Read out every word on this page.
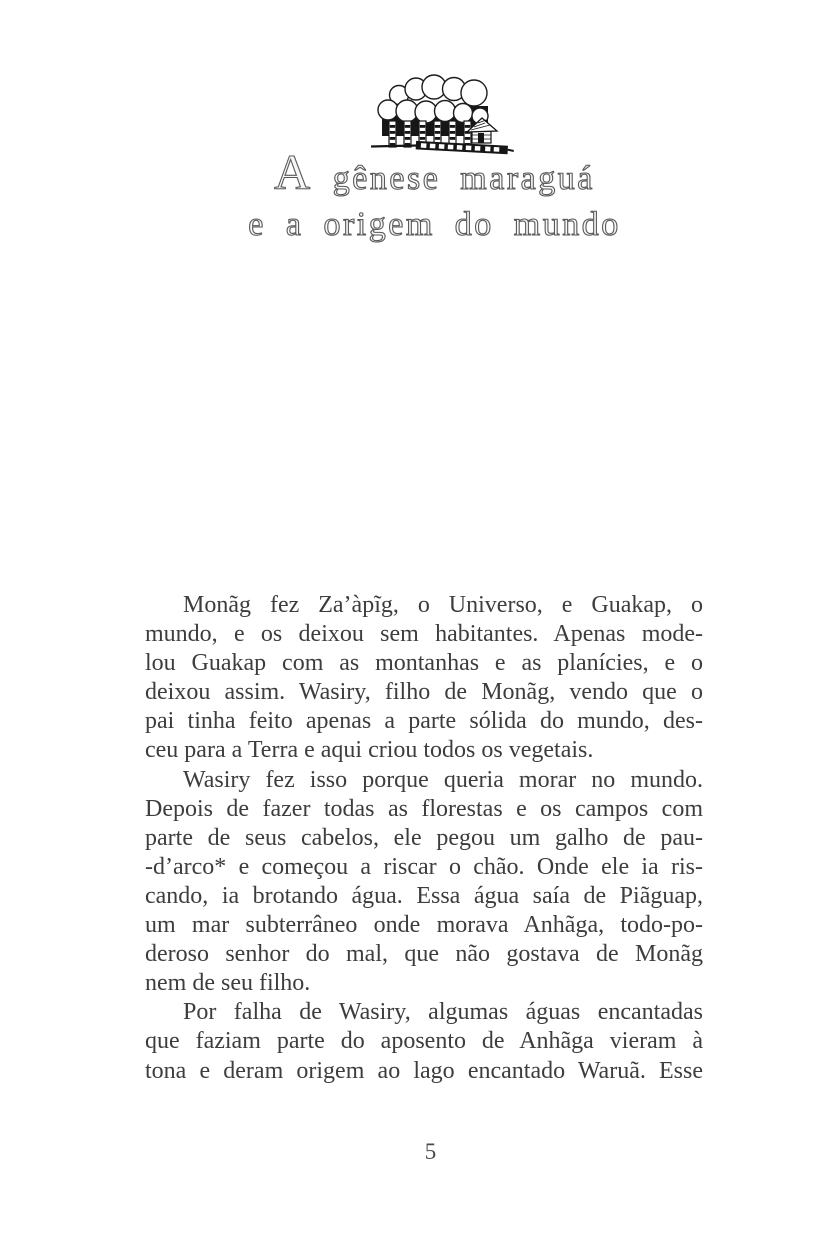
A gênese maraguá
e a origem do mundo
Monãg fez Za’àpĩg, o Universo, e Guakap, o
mundo, e os deixou sem habitantes. Apenas mode-
lou Guakap com as montanhas e as planícies, e o
deixou assim. Wasiry, filho de Monãg, vendo que o
pai tinha feito apenas a parte sólida do mundo, des-
ceu para a Terra e aqui criou todos os vegetais.
Wasiry fez isso porque queria morar no mundo.
Depois de fazer todas as florestas e os campos com
parte de seus cabelos, ele pegou um galho de pau-
-d’arco* e começou a riscar o chão. Onde ele ia ris-
cando, ia brotando água. Essa água saía de Piãguap,
um mar subterrâneo onde morava Anhãga, todo-po-
deroso senhor do mal, que não gostava de Monãg
nem de seu filho.
Por falha de Wasiry, algumas águas encantadas
que faziam parte do aposento de Anhãga vieram à
tona e deram origem ao lago encantado Waruã. Esse
5
